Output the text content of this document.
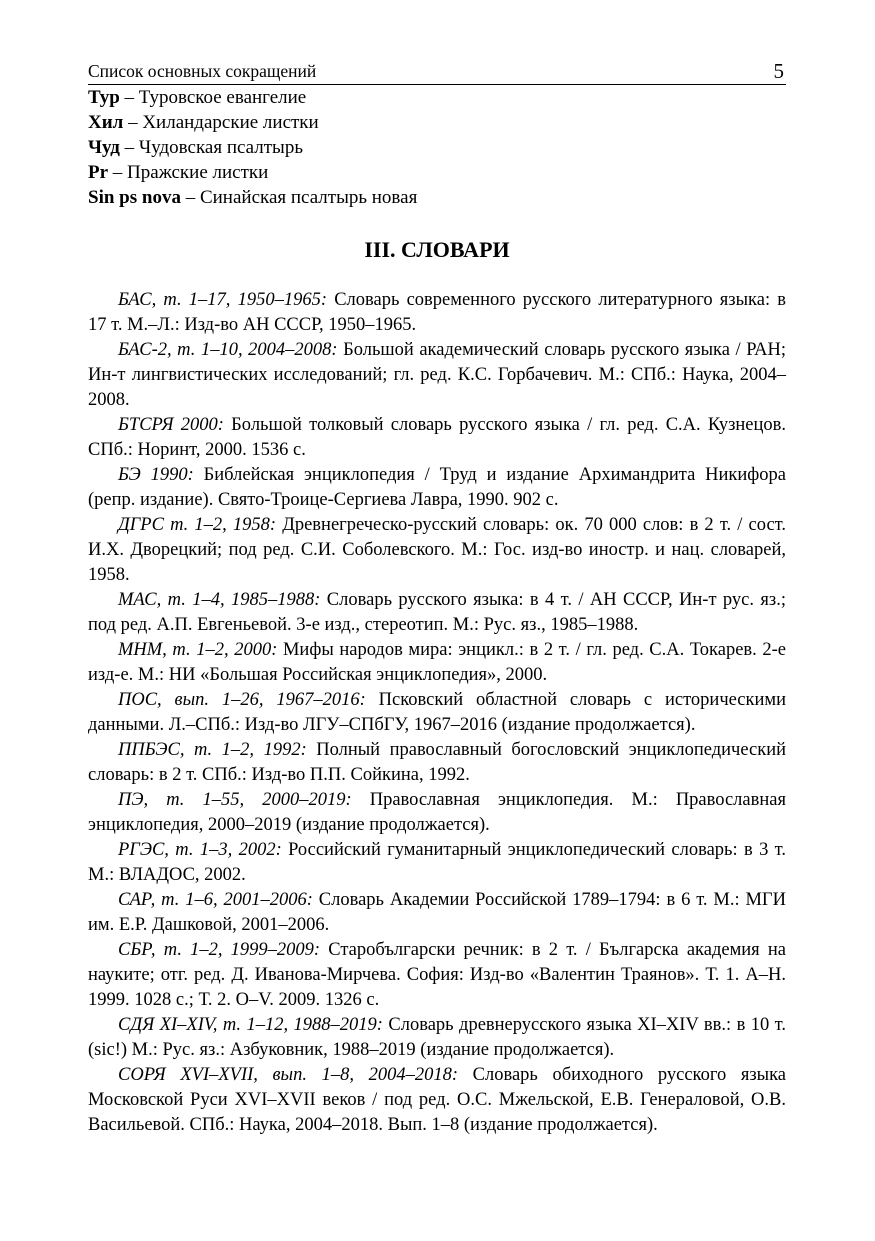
Список основных сокращений	5
Тур – Туровское евангелие
Хил – Хиландарские листки
Чуд – Чудовская псалтырь
Pr – Пражские листки
Sin ps nova – Синайская псалтырь новая
III. СЛОВАРИ

БАС, т. 1–17, 1950–1965: Словарь современного русского литературного языка: в 17 т. М.–Л.: Изд-во АН СССР, 1950–1965.

БАС-2, т. 1–10, 2004–2008: Большой академический словарь русского языка / РАН; Ин-т лингвистических исследований; гл. ред. К.С. Горбачевич. М.: СПб.: Наука, 2004–2008.

БТСРЯ 2000: Большой толковый словарь русского языка / гл. ред. С.А. Кузнецов. СПб.: Норинт, 2000. 1536 с.

БЭ 1990: Библейская энциклопедия / Труд и издание Архимандрита Никифора (репр. издание). Свято-Троице-Сергиева Лавра, 1990. 902 с.

ДГРС т. 1–2, 1958: Древнегреческо-русский словарь: ок. 70 000 слов: в 2 т. / сост. И.Х. Дворецкий; под ред. С.И. Соболевского. М.: Гос. изд-во иностр. и нац. словарей, 1958.

МАС, т. 1–4, 1985–1988: Словарь русского языка: в 4 т. / АН СССР, Ин-т рус. яз.; под ред. А.П. Евгеньевой. 3-е изд., стереотип. М.: Рус. яз., 1985–1988.

МНМ, т. 1–2, 2000: Мифы народов мира: энцикл.: в 2 т. / гл. ред. С.А. Токарев. 2-е изд-е. М.: НИ «Большая Российская энциклопедия», 2000.

ПОС, вып. 1–26, 1967–2016: Псковский областной словарь с историческими данными. Л.–СПб.: Изд-во ЛГУ–СПбГУ, 1967–2016 (издание продолжается).

ППБЭС, т. 1–2, 1992: Полный православный богословский энциклопедический словарь: в 2 т. СПб.: Изд-во П.П. Сойкина, 1992.

ПЭ, т. 1–55, 2000–2019: Православная энциклопедия. М.: Православная энциклопедия, 2000–2019 (издание продолжается).

РГЭС, т. 1–3, 2002: Российский гуманитарный энциклопедический словарь: в 3 т. М.: ВЛАДОС, 2002.

САР, т. 1–6, 2001–2006: Словарь Академии Российской 1789–1794: в 6 т. М.: МГИ им. Е.Р. Дашковой, 2001–2006.

СБР, т. 1–2, 1999–2009: Старобългарски речник: в 2 т. / Българска академия на науките; отг. ред. Д. Иванова-Мирчева. София: Изд-во «Валентин Траянов». Т. 1. А–Н. 1999. 1028 с.; Т. 2. О–V. 2009. 1326 с.

СДЯ XI–XIV, т. 1–12, 1988–2019: Словарь древнерусского языка XI–XIV вв.: в 10 т. (sic!) М.: Рус. яз.: Азбуковник, 1988–2019 (издание продолжается).

СОРЯ XVI–XVII, вып. 1–8, 2004–2018: Словарь обиходного русского языка Московской Руси XVI–XVII веков / под ред. О.С. Мжельской, Е.В. Генераловой, О.В. Васильевой. СПб.: Наука, 2004–2018. Вып. 1–8 (издание продолжается).
